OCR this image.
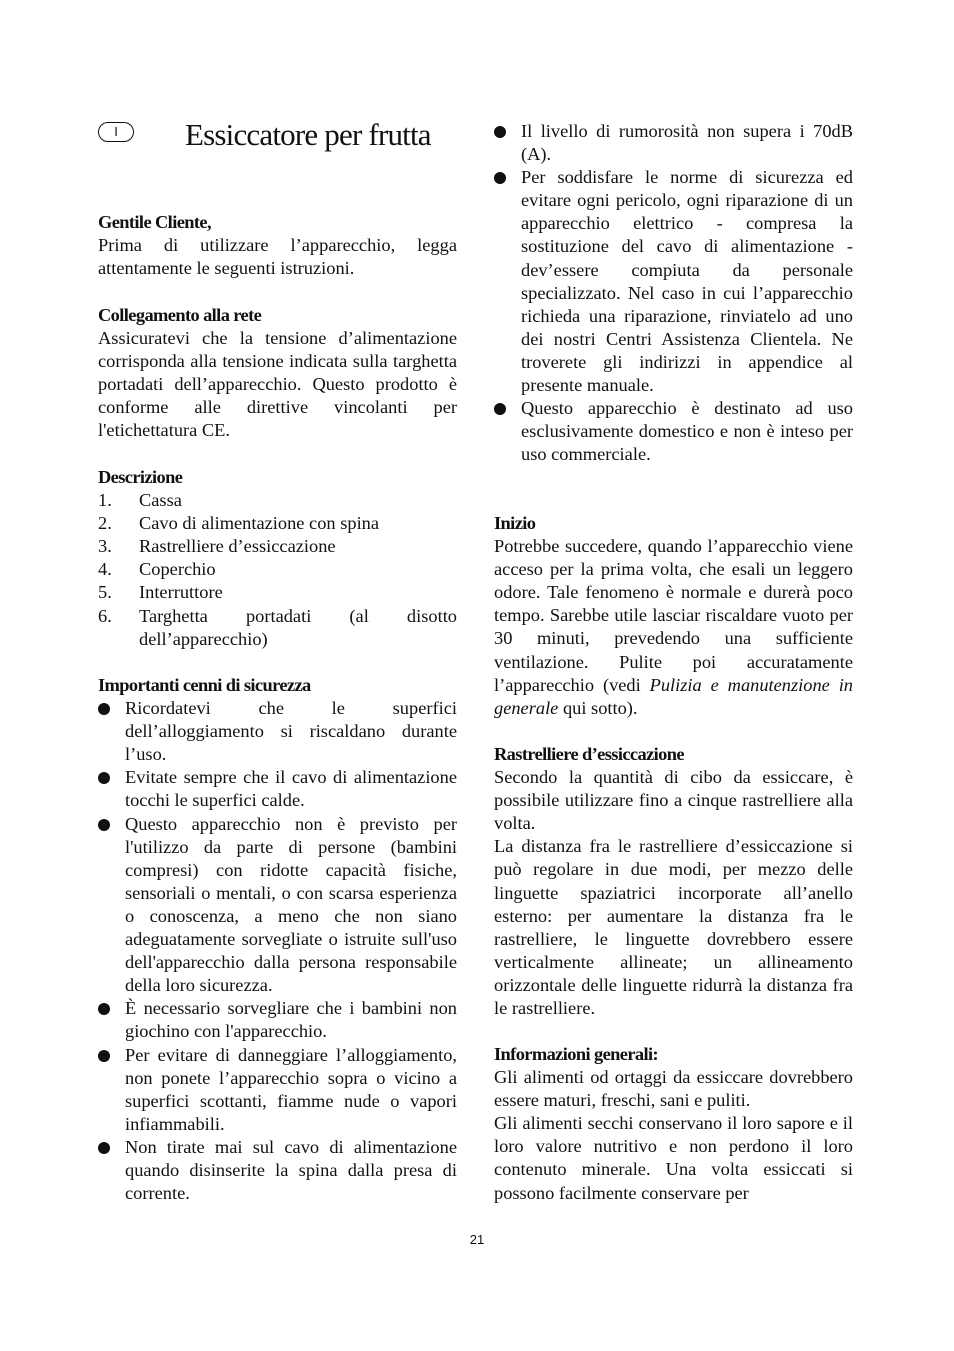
I	Essiccatore per frutta
Gentile Cliente,

Prima di utilizzare l’apparecchio, legga attentamente le seguenti istruzioni.

Collegamento alla rete

Assicuratevi che la tensione d’alimentazione corrisponda alla tensione indicata sulla targhetta portadati dell’apparecchio. Questo prodotto è conforme alle direttive vincolanti per l'etichettatura CE.

Descrizione
1. Cassa
2. Cavo di alimentazione con spina
3. Rastrelliere d’essiccazione
4. Coperchio
5. Interruttore
6. Targhetta portadati (al disotto dell’apparecchio)
Importanti cenni di sicurezza
Ricordatevi che le superfici dell’alloggiamento si riscaldano durante l’uso.
Evitate sempre che il cavo di alimentazione tocchi le superfici calde.
Questo apparecchio non è previsto per l'utilizzo da parte di persone (bambini compresi) con ridotte capacità fisiche, sensoriali o mentali, o con scarsa esperienza o conoscenza, a meno che non siano adeguatamente sorvegliate o istruite sull'uso dell'apparecchio dalla persona responsabile della loro sicurezza.
È necessario sorvegliare che i bambini non giochino con l'apparecchio.
Per evitare di danneggiare l’alloggiamento, non ponete l’apparecchio sopra o vicino a superfici scottanti, fiamme nude o vapori infiammabili.
Non tirate mai sul cavo di alimentazione quando disinserite la spina dalla presa di corrente.
Il livello di rumorosità non supera i 70dB (A).
Per soddisfare le norme di sicurezza ed evitare ogni pericolo, ogni riparazione di un apparecchio elettrico - compresa la sostituzione del cavo di alimentazione - dev’essere compiuta da personale specializzato. Nel caso in cui l’apparecchio richieda una riparazione, rinviatelo ad uno dei nostri Centri Assistenza Clientela. Ne troverete gli indirizzi in appendice al presente manuale.
Questo apparecchio è destinato ad uso esclusivamente domestico e non è inteso per uso commerciale.
Inizio

Potrebbe succedere, quando l’apparecchio viene acceso per la prima volta, che esali un leggero odore. Tale fenomeno è normale e durerà poco tempo. Sarebbe utile lasciar riscaldare vuoto per 30 minuti, prevedendo una sufficiente ventilazione. Pulite poi accuratamente l’apparecchio (vedi Pulizia e manutenzione in generale qui sotto).

Rastrelliere d’essiccazione

Secondo la quantità di cibo da essiccare, è possibile utilizzare fino a cinque rastrelliere alla volta.

La distanza fra le rastrelliere d’essiccazione si può regolare in due modi, per mezzo delle linguette spaziatrici incorporate all’anello esterno: per aumentare la distanza fra le rastrelliere, le linguette dovrebbero essere verticalmente allineate; un allineamento orizzontale delle linguette ridurrà la distanza fra le rastrelliere.

Informazioni generali:

Gli alimenti od ortaggi da essiccare dovrebbero essere maturi, freschi, sani e puliti.

Gli alimenti secchi conservano il loro sapore e il loro valore nutritivo e non perdono il loro contenuto minerale. Una volta essiccati si possono facilmente conservare per

21
